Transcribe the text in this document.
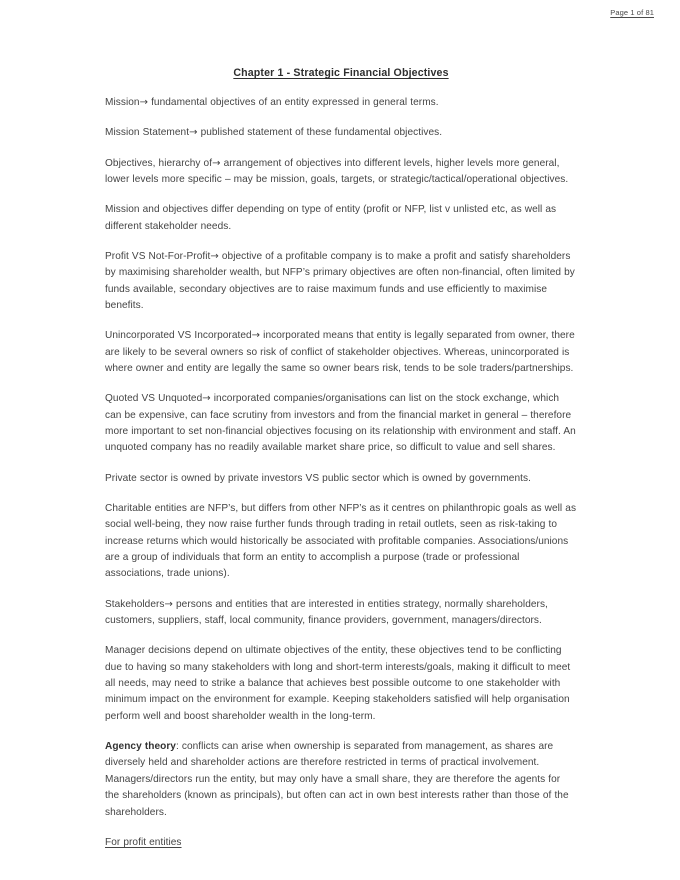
Page 1 of 81
Chapter 1 - Strategic Financial Objectives

Mission→ fundamental objectives of an entity expressed in general terms.

Mission Statement→ published statement of these fundamental objectives.

Objectives, hierarchy of→ arrangement of objectives into different levels, higher levels more general, lower levels more specific – may be mission, goals, targets, or strategic/tactical/operational objectives.

Mission and objectives differ depending on type of entity (profit or NFP, list v unlisted etc, as well as different stakeholder needs.

Profit VS Not-For-Profit→ objective of a profitable company is to make a profit and satisfy shareholders by maximising shareholder wealth, but NFP’s primary objectives are often non-financial, often limited by funds available, secondary objectives are to raise maximum funds and use efficiently to maximise benefits.

Unincorporated VS Incorporated→ incorporated means that entity is legally separated from owner, there are likely to be several owners so risk of conflict of stakeholder objectives. Whereas, unincorporated is where owner and entity are legally the same so owner bears risk, tends to be sole traders/partnerships.

Quoted VS Unquoted→ incorporated companies/organisations can list on the stock exchange, which can be expensive, can face scrutiny from investors and from the financial market in general – therefore more important to set non-financial objectives focusing on its relationship with environment and staff. An unquoted company has no readily available market share price, so difficult to value and sell shares.

Private sector is owned by private investors VS public sector which is owned by governments.

Charitable entities are NFP’s, but differs from other NFP’s as it centres on philanthropic goals as well as social well-being, they now raise further funds through trading in retail outlets, seen as risk-taking to increase returns which would historically be associated with profitable companies. Associations/unions are a group of individuals that form an entity to accomplish a purpose (trade or professional associations, trade unions).

Stakeholders→ persons and entities that are interested in entities strategy, normally shareholders, customers, suppliers, staff, local community, finance providers, government, managers/directors.

Manager decisions depend on ultimate objectives of the entity, these objectives tend to be conflicting due to having so many stakeholders with long and short-term interests/goals, making it difficult to meet all needs, may need to strike a balance that achieves best possible outcome to one stakeholder with minimum impact on the environment for example. Keeping stakeholders satisfied will help organisation perform well and boost shareholder wealth in the long-term.

Agency theory: conflicts can arise when ownership is separated from management, as shares are diversely held and shareholder actions are therefore restricted in terms of practical involvement. Managers/directors run the entity, but may only have a small share, they are therefore the agents for the shareholders (known as principals), but often can act in own best interests rather than those of the shareholders.

For profit entities
